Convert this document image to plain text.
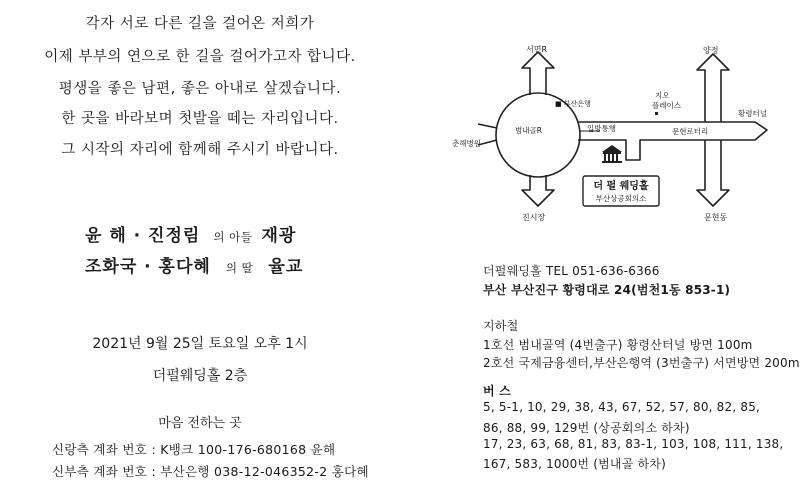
각자 서로 다른 길을 걸어온 저희가
이제 부부의 연으로 한 길을 걸어가고자 합니다.
평생을 좋은 남편, 좋은 아내로 살겠습니다.
한 곳을 바라보며 첫발을 떼는 자리입니다.
그 시작의 자리에 함께해 주시기 바랍니다.
윤 해 · 진정림 의 아들 재광
조화국 · 홍다혜 의 딸 율교
2021년 9월 25일 토요일 오후 1시
더펄웨딩홀 2층
마음 전하는 곳
신랑측 계좌 번호 : K뱅크 100-176-680168 윤해
신부측 계좌 번호 : 부산은행 038-12-046352-2 홍다혜
더 펄 웨딩홀
부산상공회의소
서면R	양정
지오
플레이스
■ 부산은행
범내골R	일방통행	문현로터리
황령터널
춘해병원
진시장	문현동
더펄웨딩홀 TEL 051-636-6366
부산 부산진구 황령대로 24(범천1동 853-1)
지하철
1호선 범내골역 (4번출구) 황령산터널 방면 100m
2호선 국제금융센터,부산은행역 (3번출구) 서면방면 200m
버 스
5, 5-1, 10, 29, 38, 43, 67, 52, 57, 80, 82, 85,
86, 88, 99, 129번 (상공회의소 하차)
17, 23, 63, 68, 81, 83, 83-1, 103, 108, 111, 138,
167, 583, 1000번 (범내골 하차)
